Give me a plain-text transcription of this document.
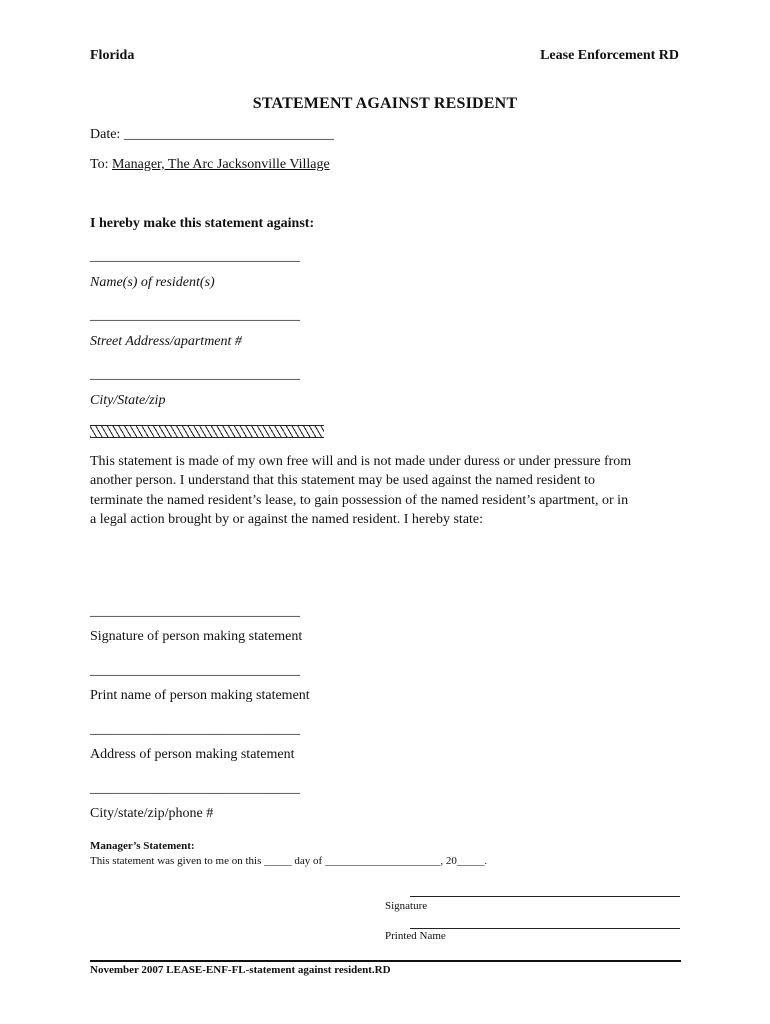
Florida	Lease Enforcement RD
STATEMENT AGAINST RESIDENT
Date: ______________________________
To: Manager, The Arc Jacksonville Village
I hereby make this statement against:
______________________________
Name(s) of resident(s)
______________________________
Street Address/apartment #
______________________________
City/State/zip
This statement is made of my own free will and is not made under duress or under pressure from
another person. I understand that this statement may be used against the named resident to
terminate the named resident’s lease, to gain possession of the named resident’s apartment, or in
a legal action brought by or against the named resident. I hereby state:
______________________________
Signature of person making statement
______________________________
Print name of person making statement
______________________________
Address of person making statement
______________________________
City/state/zip/phone #
Manager’s Statement:
This statement was given to me on this _____ day of _____________________, 20_____.
Signature
Printed Name
November 2007 LEASE-ENF-FL-statement against resident.RD
